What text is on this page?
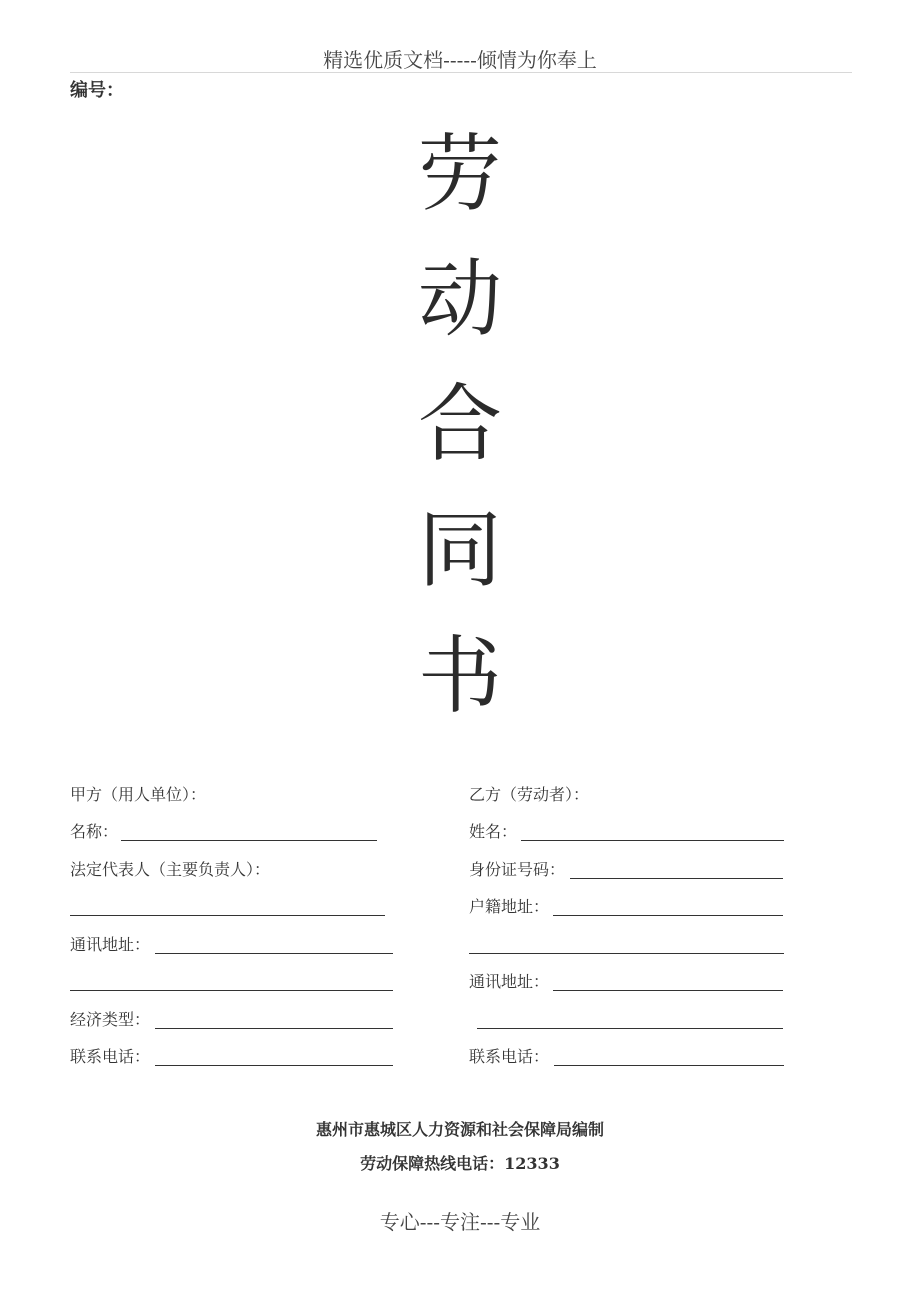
精选优质文档-----倾情为你奉上
编号：
劳
动
合
同
书
甲方（用人单位）：
名称：
法定代表人（主要负责人）：
通讯地址：
经济类型：
联系电话：
乙方（劳动者）：
姓名：
身份证号码：
户籍地址：
通讯地址：
联系电话：
惠州市惠城区人力资源和社会保障局编制
劳动保障热线电话：12333
专心---专注---专业
